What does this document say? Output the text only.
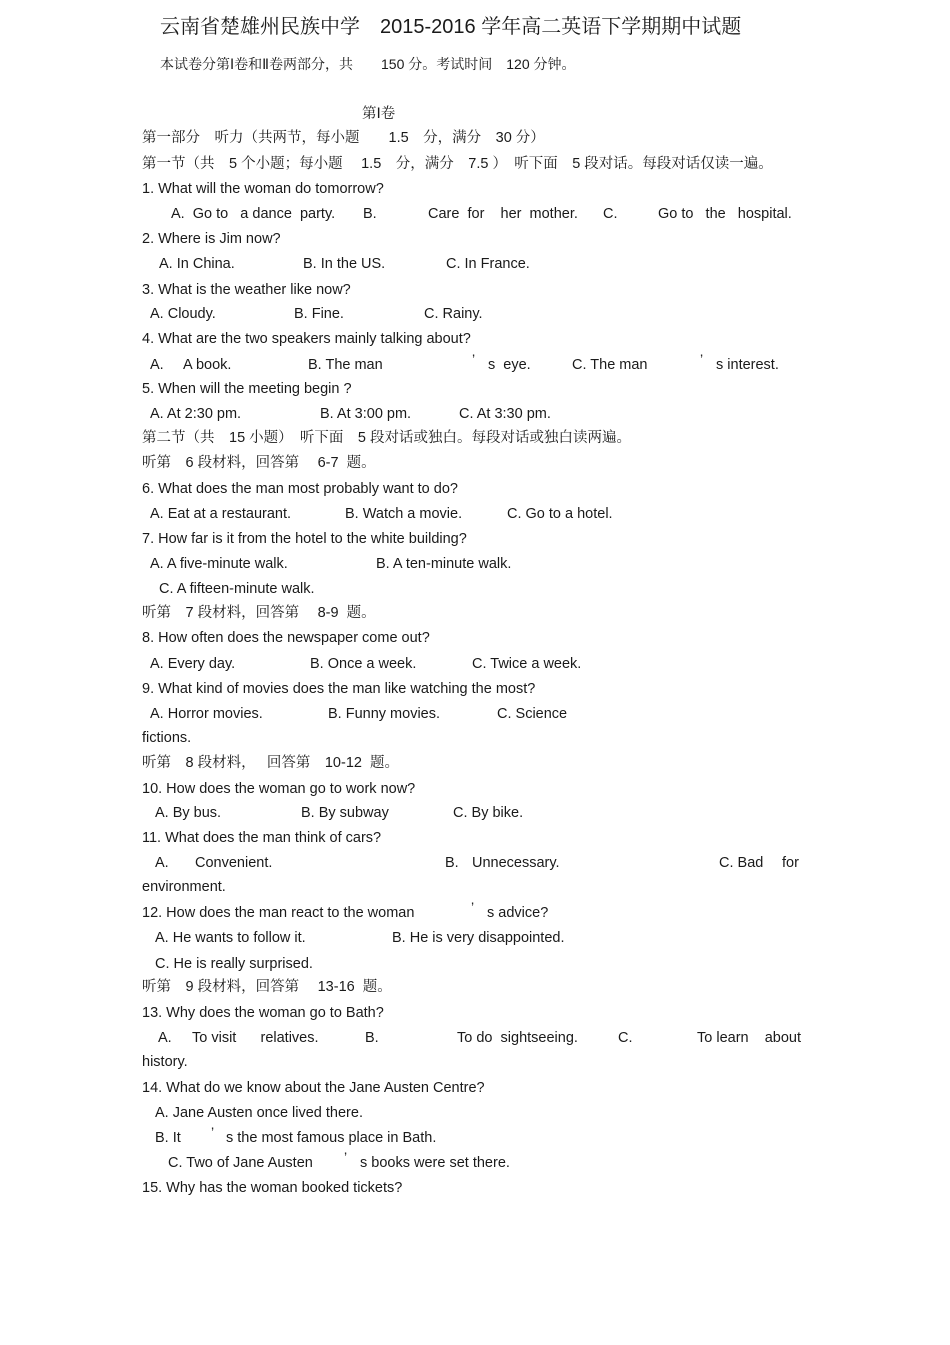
云南省楚雄州民族中学　2015-2016 学年高二英语下学期期中试题
本试卷分第Ⅰ卷和Ⅱ卷两部分，共　　150 分。考试时间　120 分钟。
第Ⅰ卷
第一部分　听力（共两节，每小题　　1.5　分，满分　30 分）
第一节（共　5 个小题；每小题　 1.5　分，满分　7.5 ）　听下面　5 段对话。每段对话仅读一遍。
1. What will the woman do tomorrow?
A.  Go to   a dance  party. B.	Care  for    her  mother. C.	Go to   the   hospital.
2. Where is Jim now?
A. In China.	B. In the US.	C. In France.
3. What is the weather like now?
A. Cloudy.	B. Fine.	C. Rainy.
4. What are the two speakers mainly talking about?
A.     A book.	B. The man	’ s  eye.	C. The man	’ s interest.
5. When will the meeting begin ?
A. At 2:30 pm.	B. At 3:00 pm.	C. At 3:30 pm.
第二节（共　15 小题）　听下面　5 段对话或独白。每段对话或独白读两遍。
听第　6 段材料，回答第　 6-7  题。
6. What does the man most probably want to do?
A. Eat at a restaurant.	B. Watch a movie.	C. Go to a hotel.
7. How far is it from the hotel to the white building?
A. A five-minute walk.	B. A ten-minute walk.
C. A fifteen-minute walk.
听第　7 段材料，回答第　 8-9  题。
8. How often does the newspaper come out?
A. Every day.	B. Once a week.	C. Twice a week.
9. What kind of movies does the man like watching the most?
A. Horror movies.	B. Funny movies.	C. Science
fictions.
听第　8 段材料，　 回答第　10-12  题。
10. How does the woman go to work now?
A. By bus.	B. By subway	C. By bike.
11. What does the man think of cars?
A. Convenient.	B. Unnecessary.	C. Bad for
environment.
12. How does the man react to the woman	’ s advice?
A. He wants to follow it.	B. He is very disappointed.
C. He is really surprised.
听第　9 段材料，回答第　 13-16  题。
13. Why does the woman go to Bath?
A. To visit      relatives.	B.	To do  sightseeing.	C.	To learn    about
history.
14. What do we know about the Jane Austen Centre?
A. Jane Austen once lived there.
B. It ’ s the most famous place in Bath.
C. Two of Jane Austen ’ s books were set there.
15. Why has the woman booked tickets?
